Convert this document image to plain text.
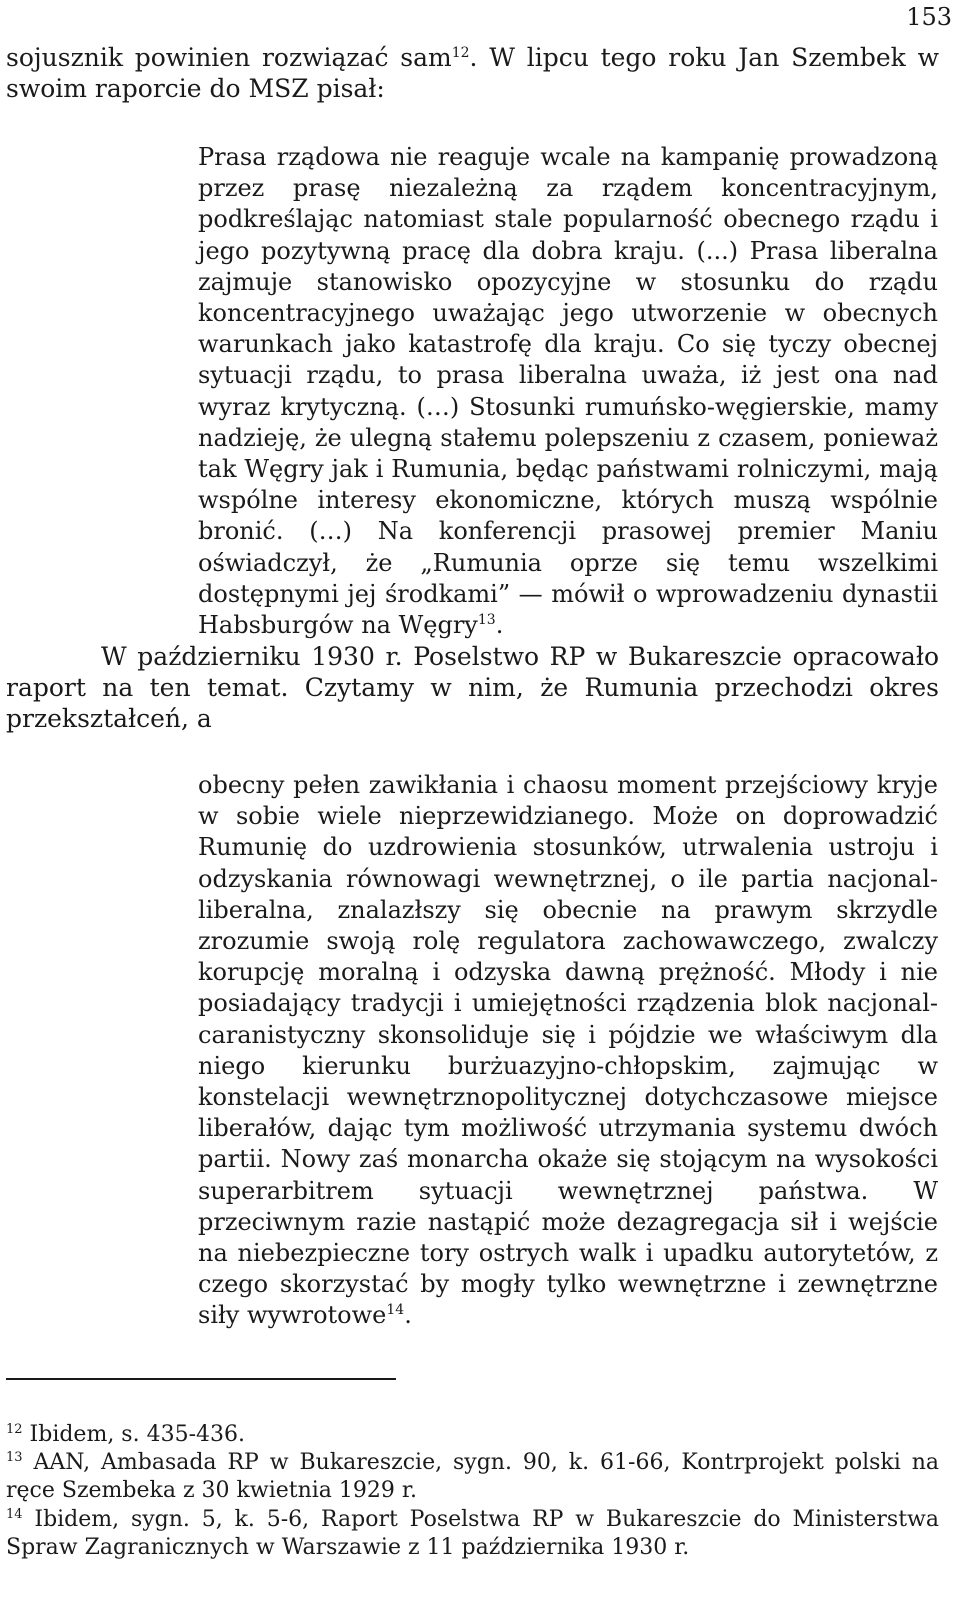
153

sojusznik powinien rozwiązać sam$^{12}$. W lipcu tego roku Jan Szembek w swoim raporcie do MSZ pisał:

Prasa rządowa nie reaguje wcale na kampanię prowadzoną przez prasę niezależną za rządem koncentracyjnym, podkreślając natomiast stale popularność obecnego rządu i jego pozytywną pracę dla dobra kraju. (...) Prasa liberalna zajmuje stanowisko opozycyjne w stosunku do rządu koncentracyjnego uważając jego utworzenie w obecnych warunkach jako katastrofę dla kraju. Co się tyczy obecnej sytuacji rządu, to prasa liberalna uważa, iż jest ona nad wyraz krytyczną. (…) Stosunki rumuńsko-węgierskie, mamy nadzieję, że ulegną stałemu polepszeniu z czasem, ponieważ tak Węgry jak i Rumunia, będąc państwami rolniczymi, mają wspólne interesy ekonomiczne, których muszą wspólnie bronić. (…) Na konferencji prasowej premier Maniu oświadczył, że „Rumunia oprze się temu wszelkimi dostępnymi jej środkami” — mówił o wprowadzeniu dynastii Habsburgów na Węgry$^{13}$.

W październiku 1930 r. Poselstwo RP w Bukareszcie opracowało raport na ten temat. Czytamy w nim, że Rumunia przechodzi okres przekształceń, a

obecny pełen zawikłania i chaosu moment przejściowy kryje w sobie wiele nieprzewidzianego. Może on doprowadzić Rumunię do uzdrowienia stosunków, utrwalenia ustroju i odzyskania równowagi wewnętrznej, o ile partia nacjonal-liberalna, znalazłszy się obecnie na prawym skrzydle zrozumie swoją rolę regulatora zachowawczego, zwalczy korupcję moralną i odzyska dawną prężność. Młody i nie posiadający tradycji i umiejętności rządzenia blok nacjonal-caranistyczny skonsoliduje się i pójdzie we właściwym dla niego kierunku burżuazyjno-chłopskim, zajmując w konstelacji wewnętrznopolitycznej dotychczasowe miejsce liberałów, dając tym możliwość utrzymania systemu dwóch partii. Nowy zaś monarcha okaże się stojącym na wysokości superarbitrem sytuacji wewnętrznej państwa. W przeciwnym razie nastąpić może dezagregacja sił i wejście na niebezpieczne tory ostrych walk i upadku autorytetów, z czego skorzystać by mogły tylko wewnętrzne i zewnętrzne siły wywrotowe$^{14}$.

$^{12}$ Ibidem, s. 435-436.

$^{13}$ AAN, Ambasada RP w Bukareszcie, sygn. 90, k. 61-66, Kontrprojekt polski na ręce Szembeka z 30 kwietnia 1929 r.

$^{14}$ Ibidem, sygn. 5, k. 5-6, Raport Poselstwa RP w Bukareszcie do Ministerstwa Spraw Zagranicznych w Warszawie z 11 października 1930 r.
